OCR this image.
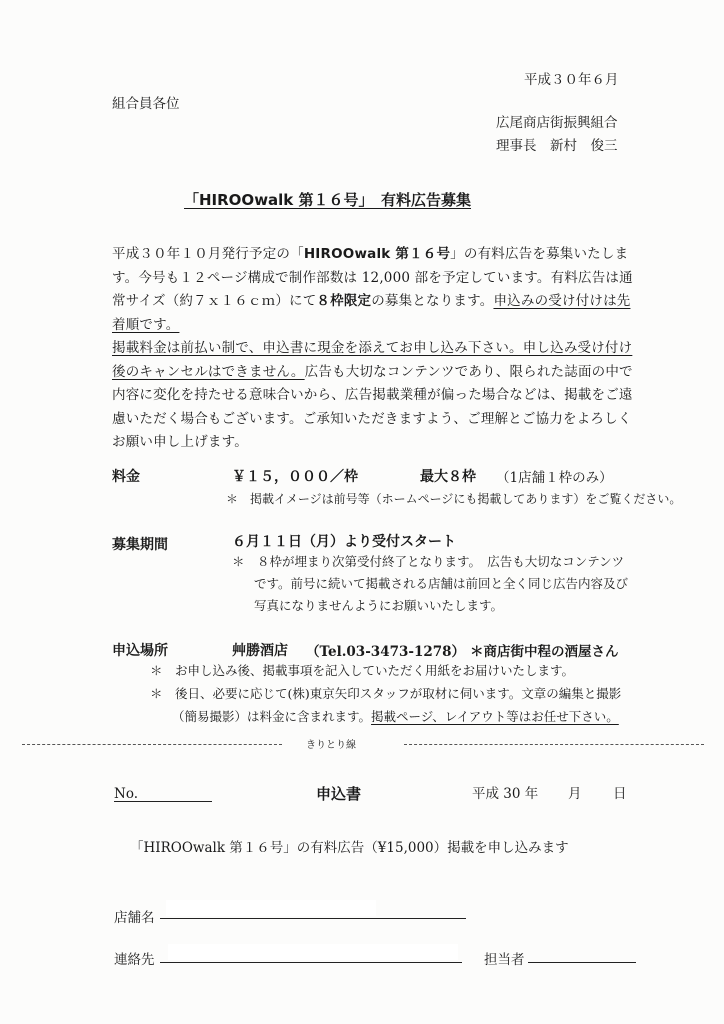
平成３０年６月
組合員各位
広尾商店街振興組合
理事長　新村　俊三
「HIROOwalk 第１６号」　有料広告募集

平成３０年１０月発行予定の「HIROOwalk 第１６号」の有料広告を募集いたします。今号も１２ページ構成で制作部数は 12,000 部を予定しています。有料広告は通常サイズ（約７ｘ１６ｃｍ）にて８枠限定の募集となります。申込みの受け付けは先着順です。

掲載料金は前払い制で、申込書に現金を添えてお申し込み下さい。申し込み受け付け後のキャンセルはできません。広告も大切なコンテンツであり、限られた誌面の中で内容に変化を持たせる意味合いから、広告掲載業種が偏った場合などは、掲載をご遠慮いただく場合もございます。ご承知いただきますよう、ご理解とご協力をよろしくお願い申し上げます。

料金	￥１５，０００／枠	最大８枠 （1店舗１枠のみ）
＊　掲載イメージは前号等（ホームページにも掲載してあります）をご覧ください。
募集期間	６月１１日（月）より受付スタート
＊　８枠が埋まり次第受付終了となります。　広告も大切なコンテンツ
です。前号に続いて掲載される店舗は前回と全く同じ広告内容及び
写真になりませんようにお願いいたします。
申込場所	艸勝酒店 （Tel.03-3473-1278） ＊商店街中程の酒屋さん
＊　お申し込み後、掲載事項を記入していただく用紙をお届けいたします。
＊　後日、必要に応じて(株)東京矢印スタッフが取材に伺います。文章の編集と撮影
（簡易撮影）は料金に含まれます。掲載ページ、レイアウト等はお任せ下さい。
きりとり線
No.	申込書	平成 30 年 月 日
「HIROOwalk 第１６号」の有料広告（¥15,000）掲載を申し込みます
店舗名
連絡先	担当者
